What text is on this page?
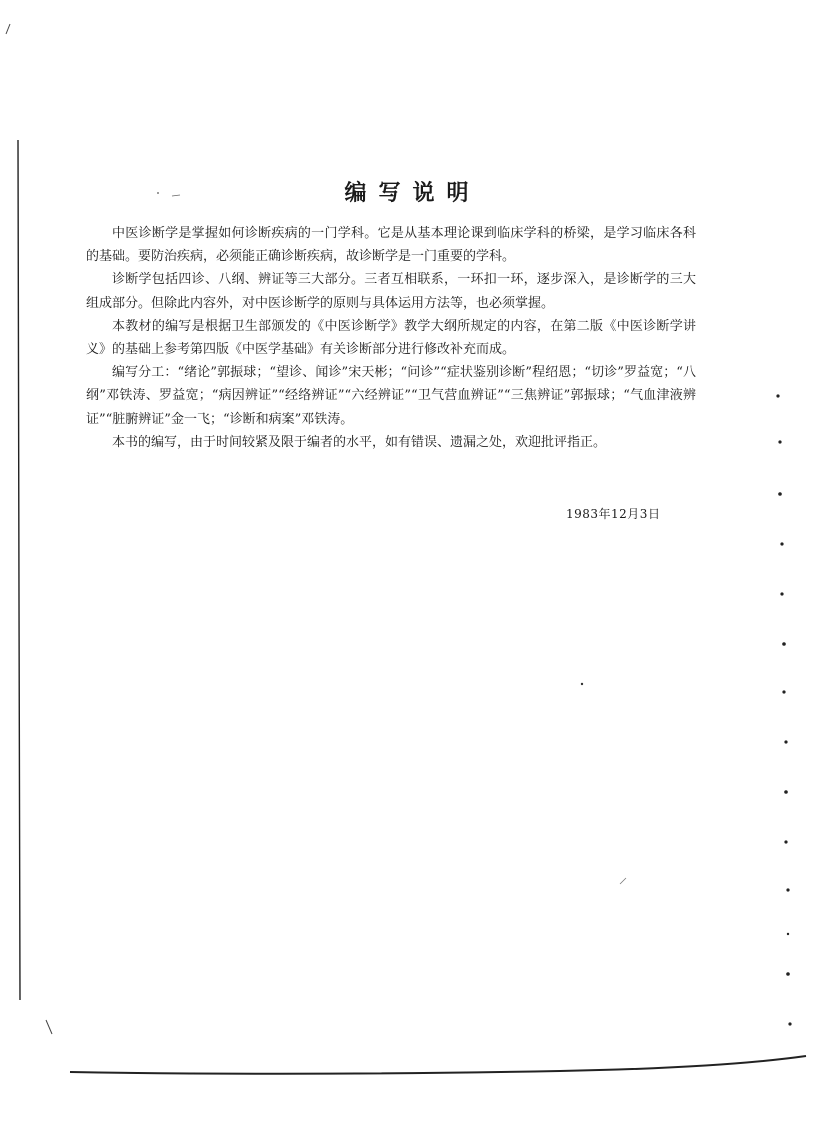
编写说明

中医诊断学是掌握如何诊断疾病的一门学科。它是从基本理论课到临床学科的桥梁，是学习临床各科的基础。要防治疾病，必须能正确诊断疾病，故诊断学是一门重要的学科。

诊断学包括四诊、八纲、辨证等三大部分。三者互相联系，一环扣一环，逐步深入，是诊断学的三大组成部分。但除此内容外，对中医诊断学的原则与具体运用方法等，也必须掌握。

本教材的编写是根据卫生部颁发的《中医诊断学》教学大纲所规定的内容，在第二版《中医诊断学讲义》的基础上参考第四版《中医学基础》有关诊断部分进行修改补充而成。

编写分工：“绪论”郭振球；“望诊、闻诊”宋天彬；“问诊”“症状鉴别诊断”程绍恩；“切诊”罗益宽；“八纲”邓铁涛、罗益宽；“病因辨证”“经络辨证”“六经辨证”“卫气营血辨证”“三焦辨证”郭振球；“气血津液辨证”“脏腑辨证”金一飞；“诊断和病案”邓铁涛。

本书的编写，由于时间较紧及限于编者的水平，如有错误、遗漏之处，欢迎批评指正。

1983年12月3日
